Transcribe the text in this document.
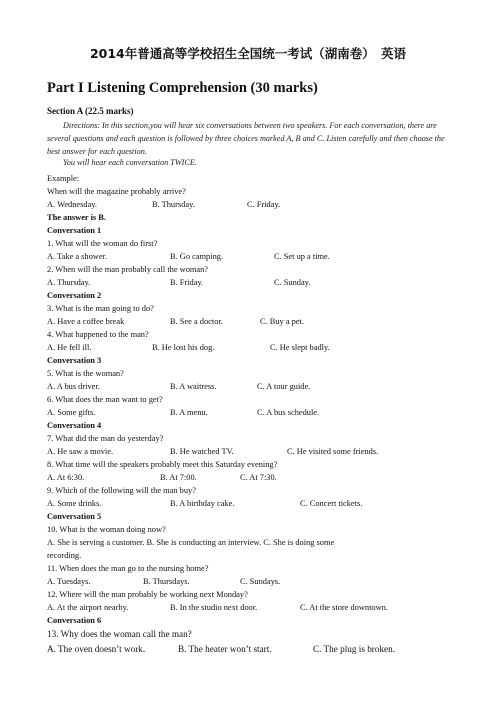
2014年普通高等学校招生全国统一考试（湖南卷）　英语
Part I Listening Comprehension (30 marks)
Section A (22.5 marks)
Directions: In this section,you will hear six conversations between two speakers. For each conversation, there are several questions and each question is followed by three choices marked A, B and C. Listen carefully and then choose the best answer for each question.
You will hear each conversation TWICE.
Example:
When will the magazine probably arrive?
A. Wednesday.	B. Thursday.	C. Friday.
The answer is B.
Conversation 1
1. What will the woman do first?
A. Take a shower.	B. Go camping.	C. Set up a time.
2. When will the man probably call the woman?
A. Thursday.	B. Friday.	C. Sunday.
Conversation 2
3. What is the man going to do?
A. Have a coffee break	B. See a doctor.	C. Buy a pet.
4. What happened to the man?
A. He fell ill.	B. He lost his dog.	C. He slept badly.
Conversation 3
5. What is the woman?
A. A bus driver.	B. A waitress.	C. A tour guide.
6. What does the man want to get?
A. Some gifts.	B. A menu.	C. A bus schedule.
Conversation 4
7. What did the man do yesterday?
A. He saw a movie.	B. He watched TV.	C. He visited some friends.
8. What time will the speakers probably meet this Saturday evening?
A. At 6:30.	B. At 7:00.	C. At 7:30.
9. Which of the following will the man buy?
A. Some drinks.	B. A birthday cake.	C. Concert tickets.
Conversation 5
10. What is the woman doing now?
A. She is serving a customer. B. She is conducting an interview. C. She is doing some
recording.
11. When does the man go to the nursing home?
A. Tuesdays.	B. Thursdays.	C. Sundays.
12. Where will the man probably be working next Monday?
A. At the airport nearby.	B. In the studio next door.	C. At the store downtown.
Conversation 6
13. Why does the woman call the man?
A. The oven doesn’t work.	B. The heater won’t start.	C. The plug is broken.
